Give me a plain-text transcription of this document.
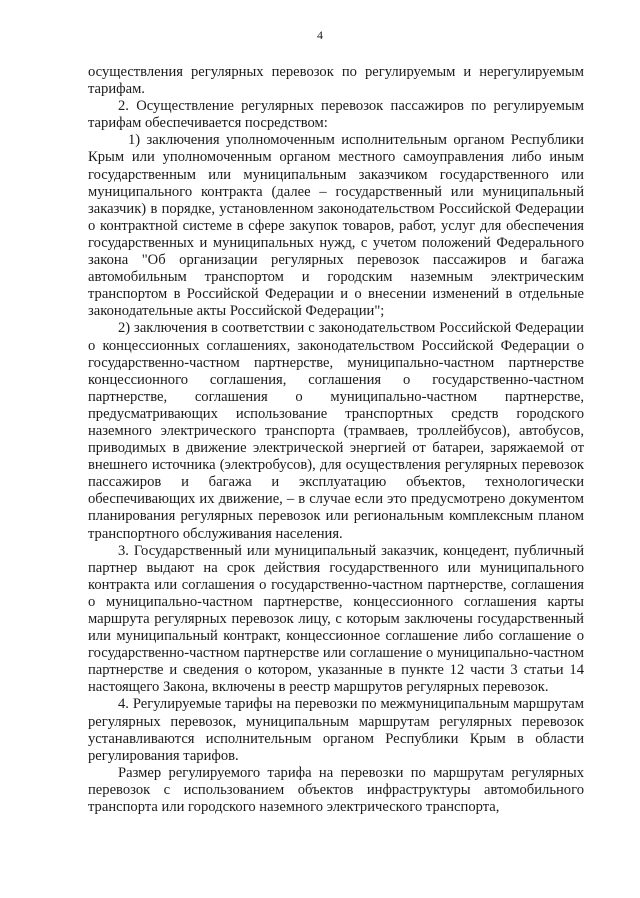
4

осуществления регулярных перевозок по регулируемым и нерегулируемым тарифам.

2. Осуществление регулярных перевозок пассажиров по регулируемым тарифам обеспечивается посредством:

1) заключения уполномоченным исполнительным органом Республики Крым или уполномоченным органом местного самоуправления либо иным государственным или муниципальным заказчиком государственного или муниципального контракта (далее – государственный или муниципальный заказчик) в порядке, установленном законодательством Российской Федерации о контрактной системе в сфере закупок товаров, работ, услуг для обеспечения государственных и муниципальных нужд, с учетом положений Федерального закона "Об организации регулярных перевозок пассажиров и багажа автомобильным транспортом и городским наземным электрическим транспортом в Российской Федерации и о внесении изменений в отдельные законодательные акты Российской Федерации";

2) заключения в соответствии с законодательством Российской Федерации о концессионных соглашениях, законодательством Российской Федерации о государственно-частном партнерстве, муниципально-частном партнерстве концессионного соглашения, соглашения о государственно-частном партнерстве, соглашения о муниципально-частном партнерстве, предусматривающих использование транспортных средств городского наземного электрического транспорта (трамваев, троллейбусов), автобусов, приводимых в движение электрической энергией от батареи, заряжаемой от внешнего источника (электробусов), для осуществления регулярных перевозок пассажиров и багажа и эксплуатацию объектов, технологически обеспечивающих их движение, – в случае если это предусмотрено документом планирования регулярных перевозок или региональным комплексным планом транспортного обслуживания населения.

3. Государственный или муниципальный заказчик, концедент, публичный партнер выдают на срок действия государственного или муниципального контракта или соглашения о государственно-частном партнерстве, соглашения о муниципально-частном партнерстве, концессионного соглашения карты маршрута регулярных перевозок лицу, с которым заключены государственный или муниципальный контракт, концессионное соглашение либо соглашение о государственно-частном партнерстве или соглашение о муниципально-частном партнерстве и сведения о котором, указанные в пункте 12 части 3 статьи 14 настоящего Закона, включены в реестр маршрутов регулярных перевозок.

4. Регулируемые тарифы на перевозки по межмуниципальным маршрутам регулярных перевозок, муниципальным маршрутам регулярных перевозок устанавливаются исполнительным органом Республики Крым в области регулирования тарифов.

Размер регулируемого тарифа на перевозки по маршрутам регулярных перевозок с использованием объектов инфраструктуры автомобильного транспорта или городского наземного электрического транспорта,
